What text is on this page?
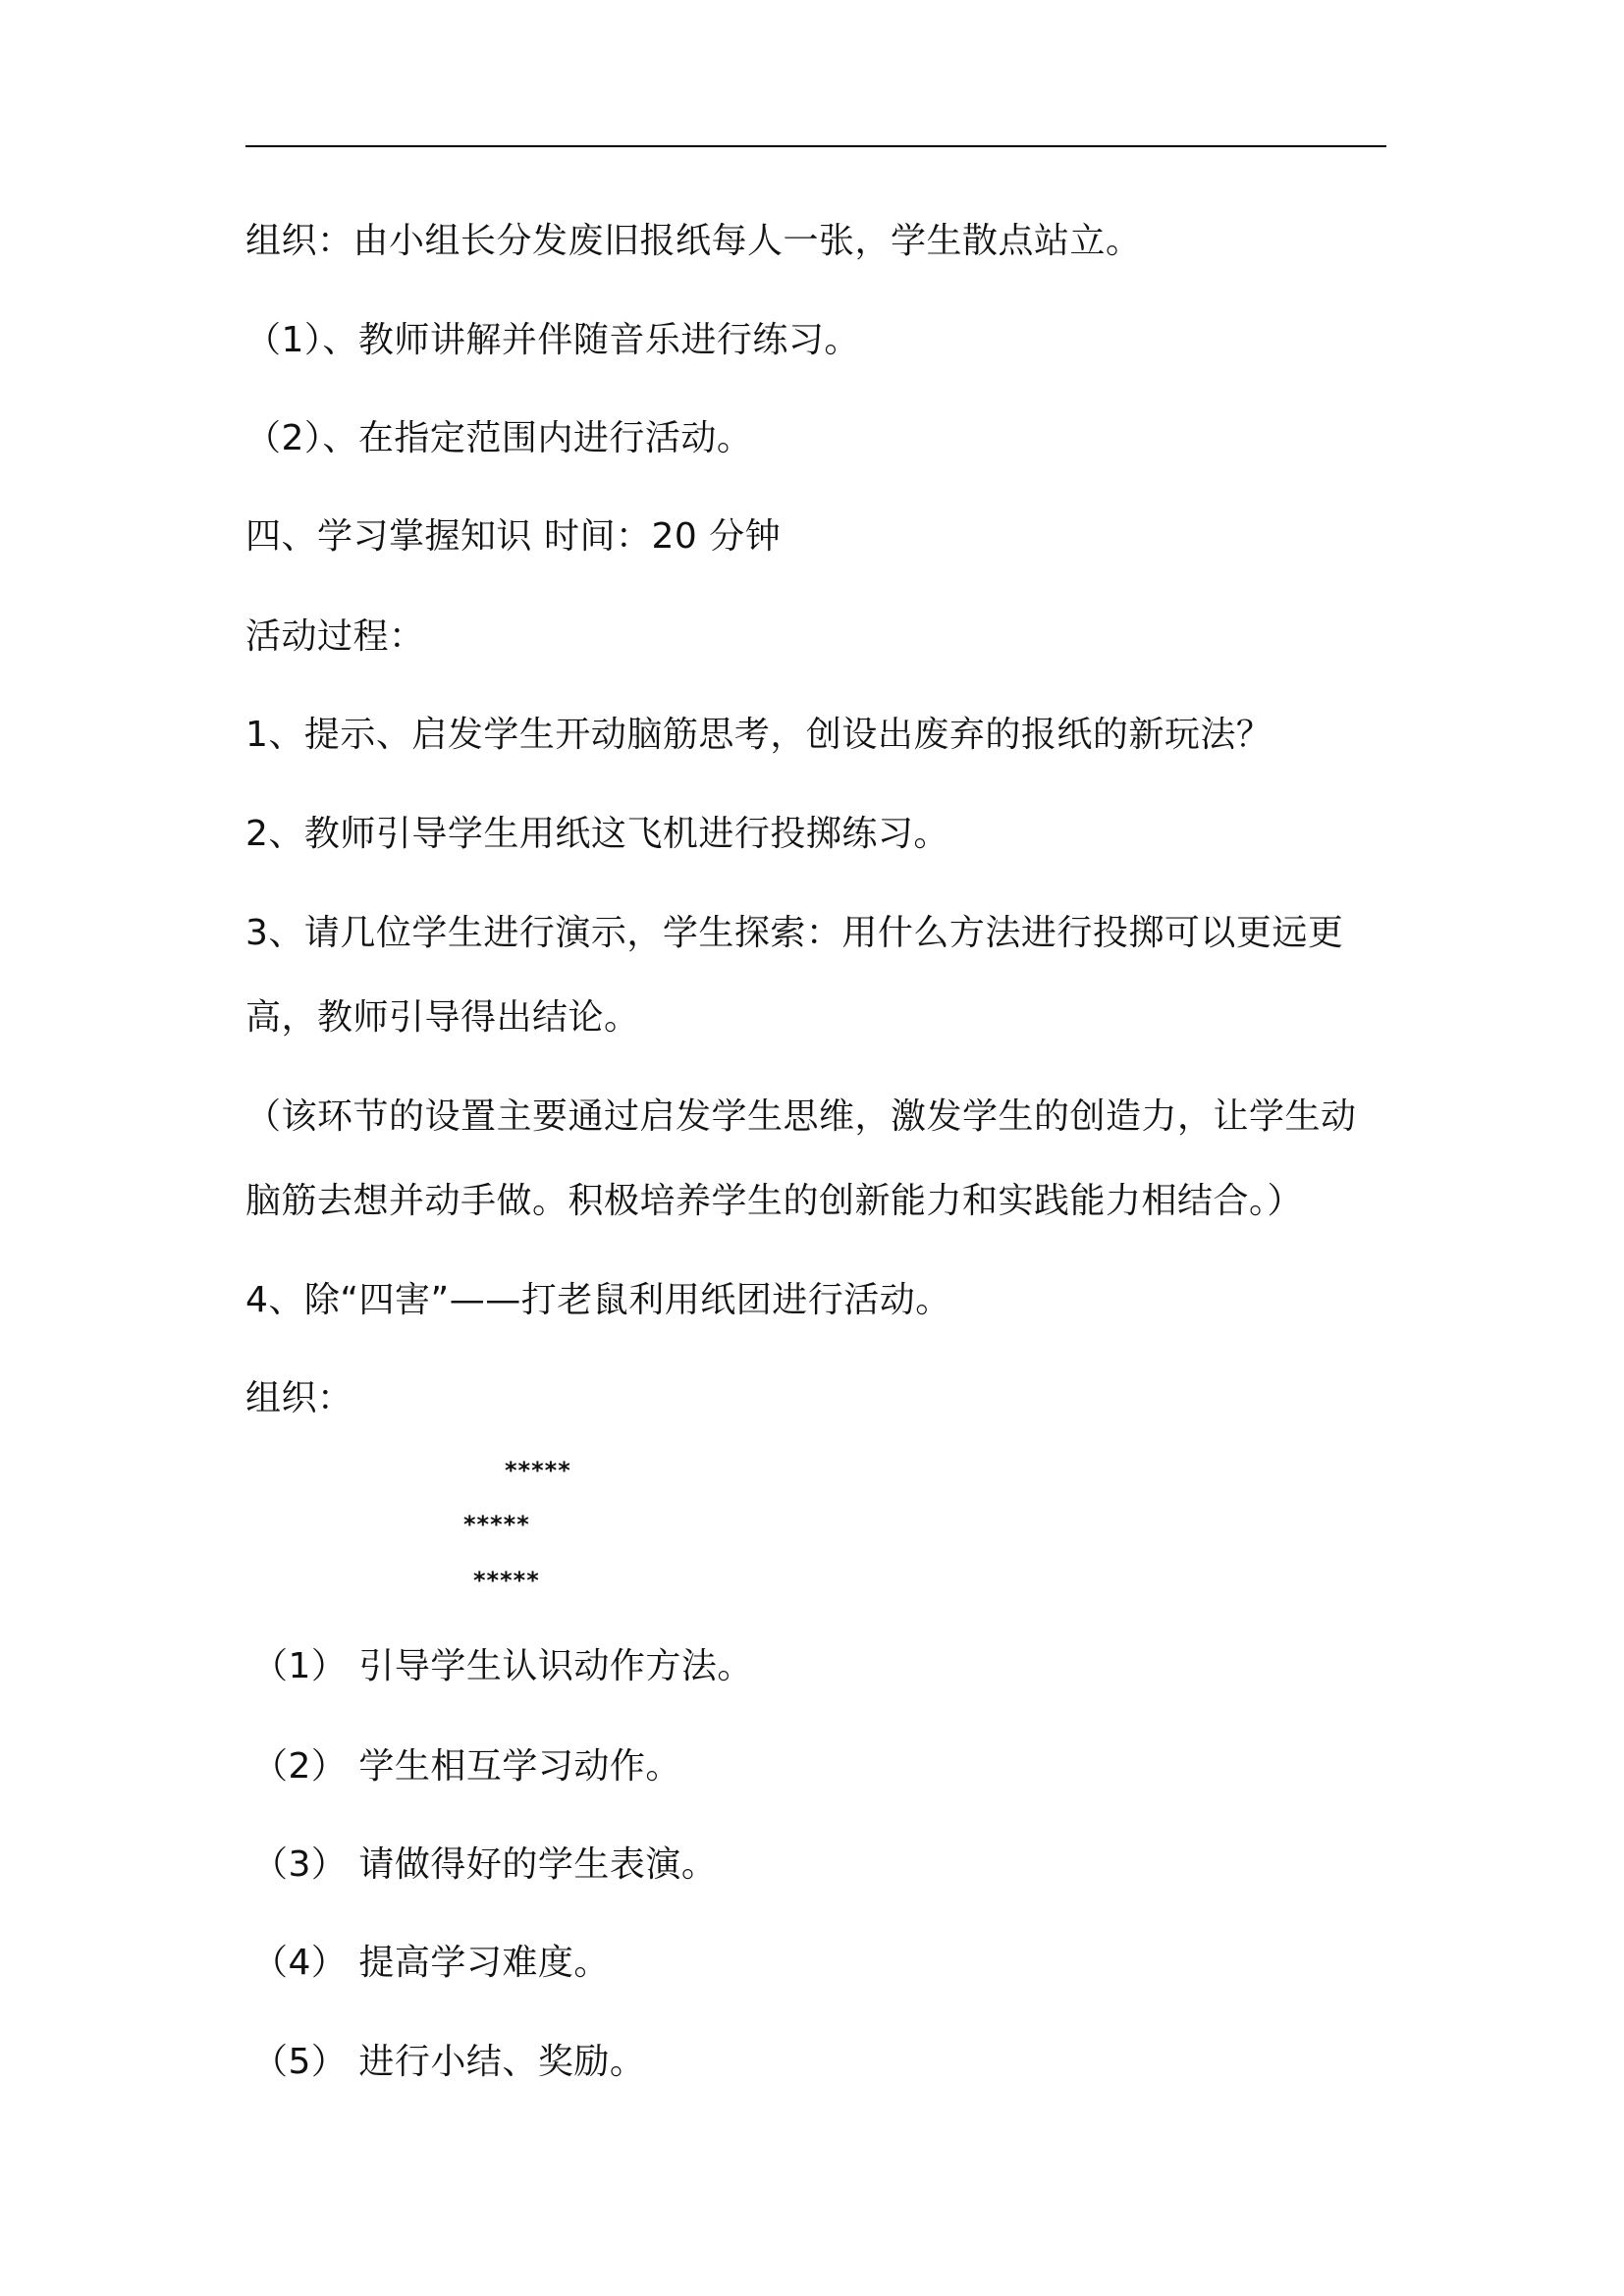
组织：由小组长分发废旧报纸每人一张，学生散点站立。
（1）、教师讲解并伴随音乐进行练习。
（2）、在指定范围内进行活动。
四、学习掌握知识 时间：20 分钟
活动过程：
1、提示、启发学生开动脑筋思考，创设出废弃的报纸的新玩法？
2、教师引导学生用纸这飞机进行投掷练习。
3、请几位学生进行演示，学生探索：用什么方法进行投掷可以更远更
高，教师引导得出结论。
（该环节的设置主要通过启发学生思维，激发学生的创造力，让学生动
脑筋去想并动手做。积极培养学生的创新能力和实践能力相结合。）
4、除“四害”——打老鼠利用纸团进行活动。
组织：
*****
*****
*****
（1） 引导学生认识动作方法。
（2） 学生相互学习动作。
（3） 请做得好的学生表演。
（4） 提高学习难度。
（5） 进行小结、奖励。
